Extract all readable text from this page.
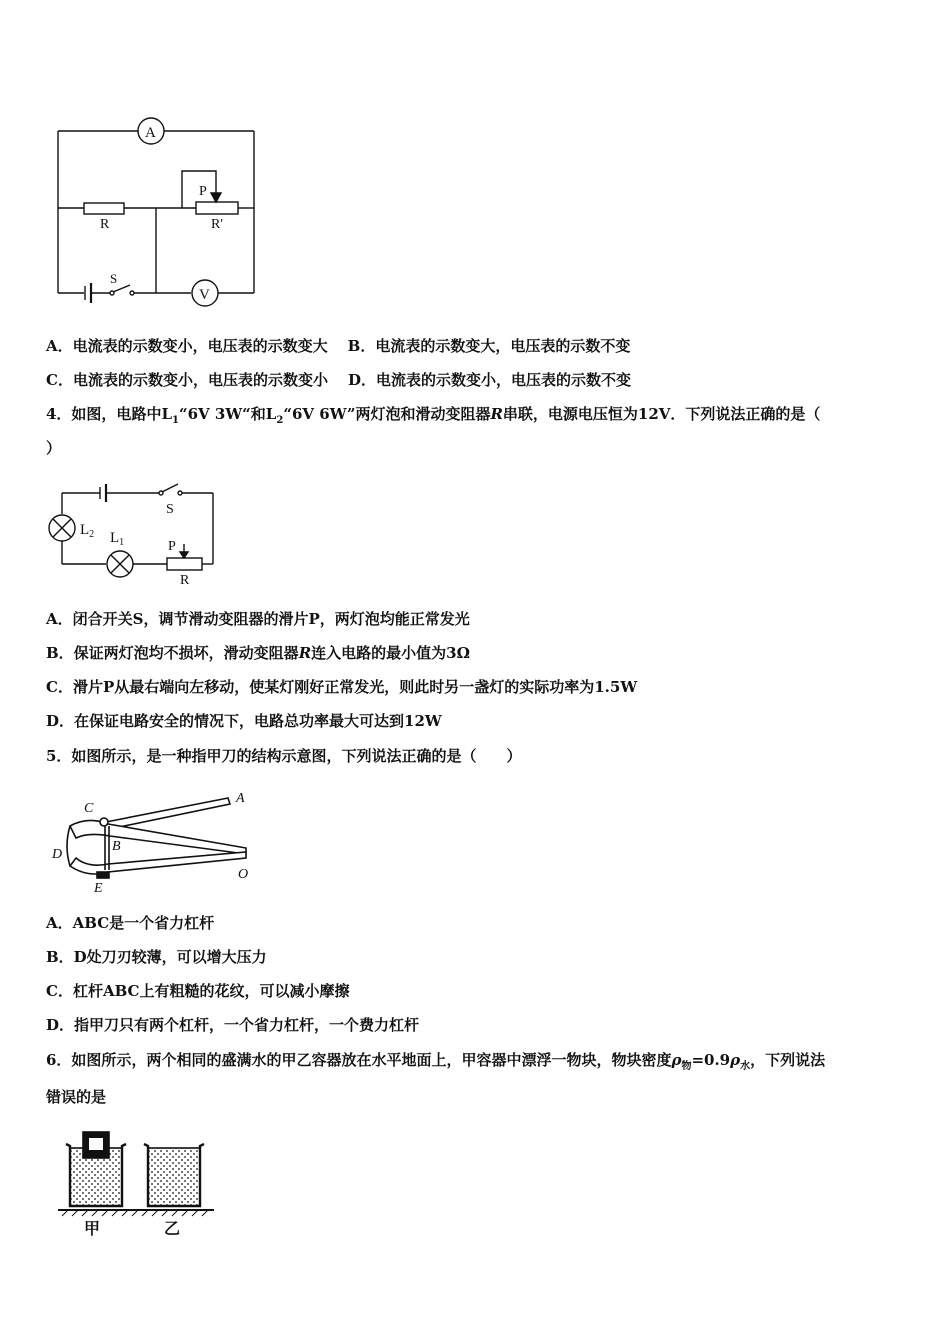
A
R	R'
P
S
V
A．电流表的示数变小，电压表的示数变大 B．电流表的示数变大，电压表的示数不变
C．电流表的示数变小，电压表的示数变小 D．电流表的示数变小，电压表的示数不变
4．如图，电路中$L_1“6V$ 3W“和$L_2“6V$ 6W”两灯泡和滑动变阻器R串联，电源电压恒为12V．下列说法正确的是（
）
S
$L_2$ $L_1$
R
P
A．闭合开关S，调节滑动变阻器的滑片P，两灯泡均能正常发光
B．保证两灯泡均不损坏，滑动变阻器R连入电路的最小值为3Ω
C．滑片P从最右端向左移动，使某灯刚好正常发光，则此时另一盏灯的实际功率为1.5W
D．在保证电路安全的情况下，电路总功率最大可达到12W
5．如图所示，是一种指甲刀的结构示意图，下列说法正确的是（　　）
C
A
B
D
E
O
A．ABC是一个省力杠杆
B．D处刀刃较薄，可以增大压力
C．杠杆ABC上有粗糙的花纹，可以减小摩擦
D．指甲刀只有两个杠杆，一个省力杠杆，一个费力杠杆
6．如图所示，两个相同的盛满水的甲乙容器放在水平地面上，甲容器中漂浮一物块，物块密度$\rho_物=0.9\rho_水$，下列说法
错误的是
甲	乙
